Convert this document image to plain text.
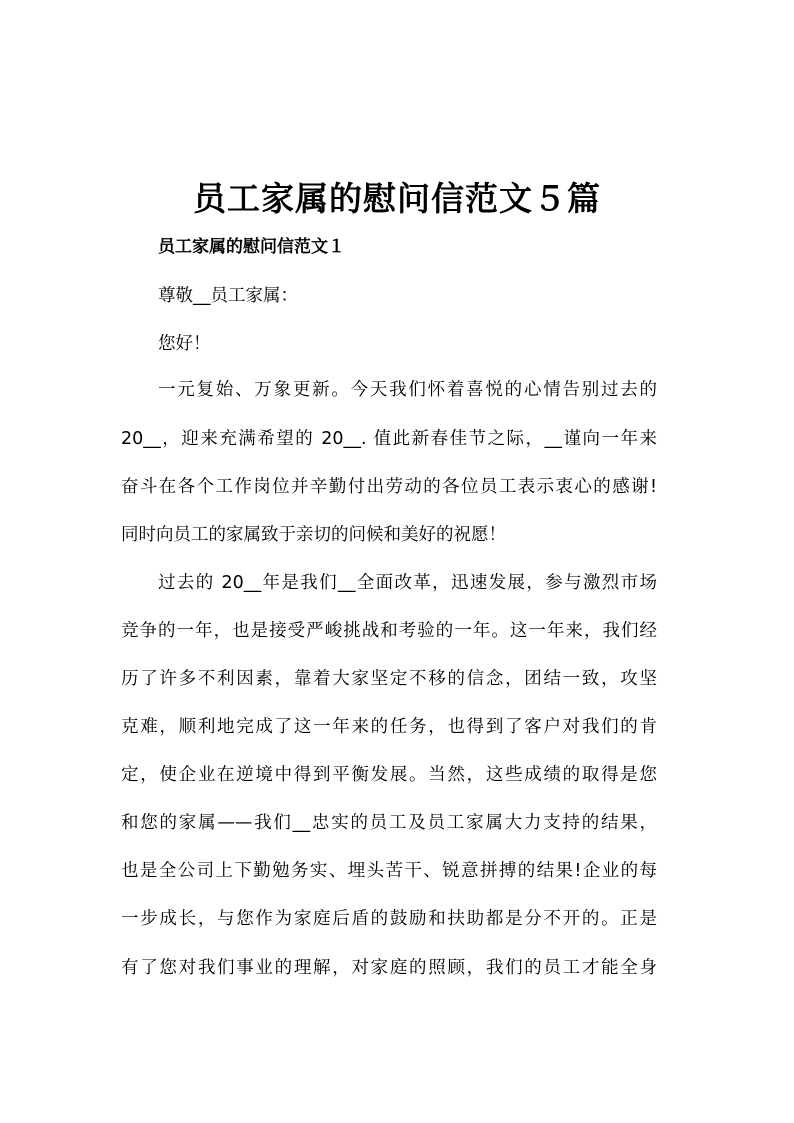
员工家属的慰问信范文５篇
员工家属的慰问信范文１
尊敬__员工家属：
您好！
一元复始、万象更新。今天我们怀着喜悦的心情告别过去的
20__，迎来充满希望的 20__. 值此新春佳节之际，__谨向一年来
奋斗在各个工作岗位并辛勤付出劳动的各位员工表示衷心的感谢!
同时向员工的家属致于亲切的问候和美好的祝愿！
过去的 20__年是我们__全面改革，迅速发展，参与激烈市场
竞争的一年，也是接受严峻挑战和考验的一年。这一年来，我们经
历了许多不利因素，靠着大家坚定不移的信念，团结一致，攻坚
克难，顺利地完成了这一年来的任务，也得到了客户对我们的肯
定，使企业在逆境中得到平衡发展。当然，这些成绩的取得是您
和您的家属——我们__忠实的员工及员工家属大力支持的结果，
也是全公司上下勤勉务实、埋头苦干、锐意拼搏的结果!企业的每
一步成长，与您作为家庭后盾的鼓励和扶助都是分不开的。正是
有了您对我们事业的理解，对家庭的照顾，我们的员工才能全身
